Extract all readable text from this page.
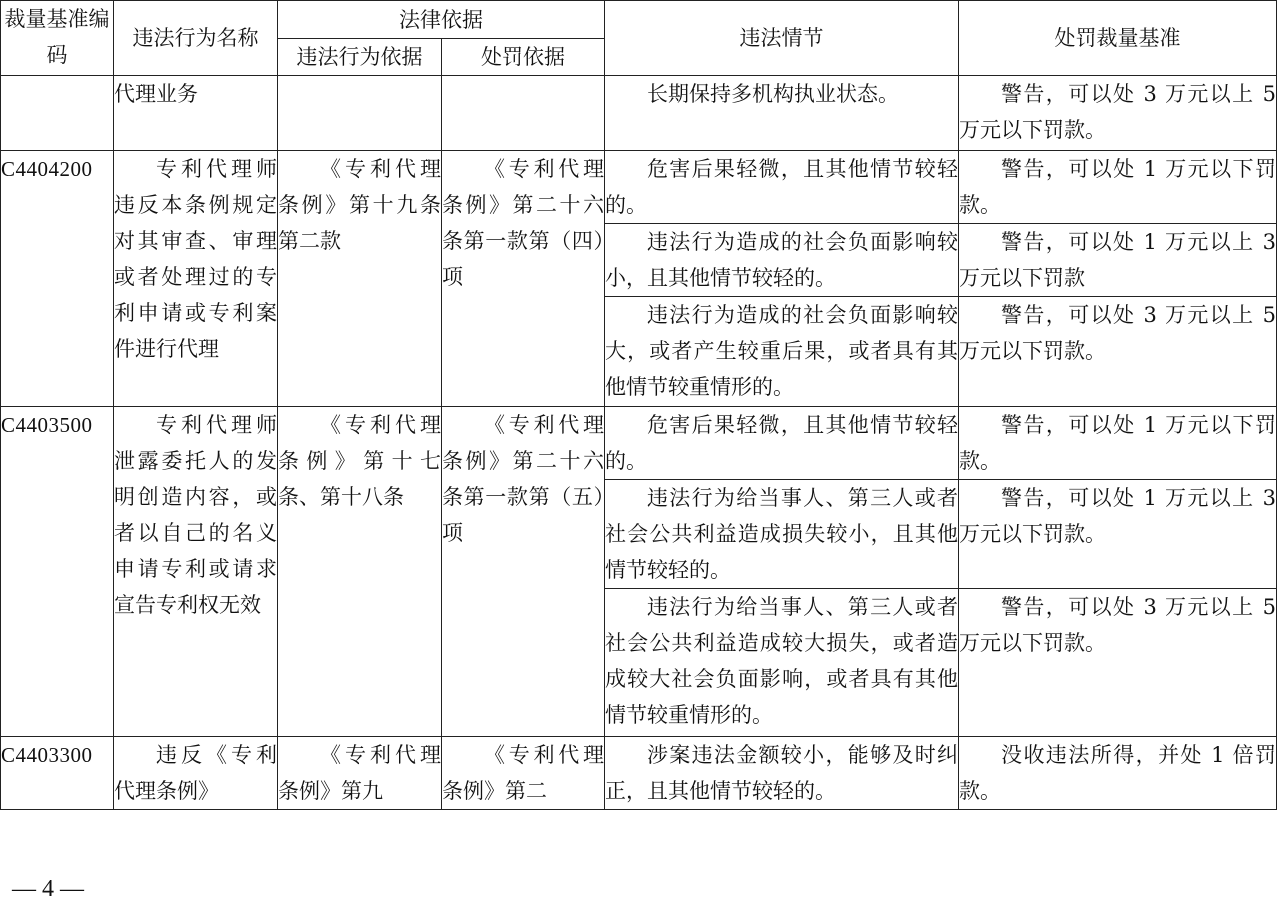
裁量基准编码	违法行为名称	法律依据		违法情节	处罚裁量基准
		违法行为依据	处罚依据		
	代理业务			长期保持多机构执业状态。	警告，可以处 3 万元以上 5 万元以下罚款。
C4404200	专利代理师违反本条例规定对其审查、审理或者处理过的专利申请或专利案件进行代理	《专利代理条例》第十九条第二款	《专利代理条例》第二十六条第一款第（四）项	危害后果轻微，且其他情节较轻的。	警告，可以处 1 万元以下罚款。
				违法行为造成的社会负面影响较小，且其他情节较轻的。	警告，可以处 1 万元以上 3 万元以下罚款
				违法行为造成的社会负面影响较大，或者产生较重后果，或者具有其他情节较重情形的。	警告，可以处 3 万元以上 5 万元以下罚款。
C4403500	专利代理师泄露委托人的发明创造内容，或者以自己的名义申请专利或请求宣告专利权无效	《专利代理条例》第十七条、第十八条	《专利代理条例》第二十六条第一款第（五）项	危害后果轻微，且其他情节较轻的。	警告，可以处 1 万元以下罚款。
				违法行为给当事人、第三人或者社会公共利益造成损失较小，且其他情节较轻的。	警告，可以处 1 万元以上 3 万元以下罚款。
				违法行为给当事人、第三人或者社会公共利益造成较大损失，或者造成较大社会负面影响，或者具有其他情节较重情形的。	警告，可以处 3 万元以上 5 万元以下罚款。
C4403300	违反《专利代理条例》	《专利代理条例》第九	《专利代理条例》第二	涉案违法金额较小，能够及时纠正，且其他情节较轻的。	没收违法所得，并处 1 倍罚款。
— 4 —
